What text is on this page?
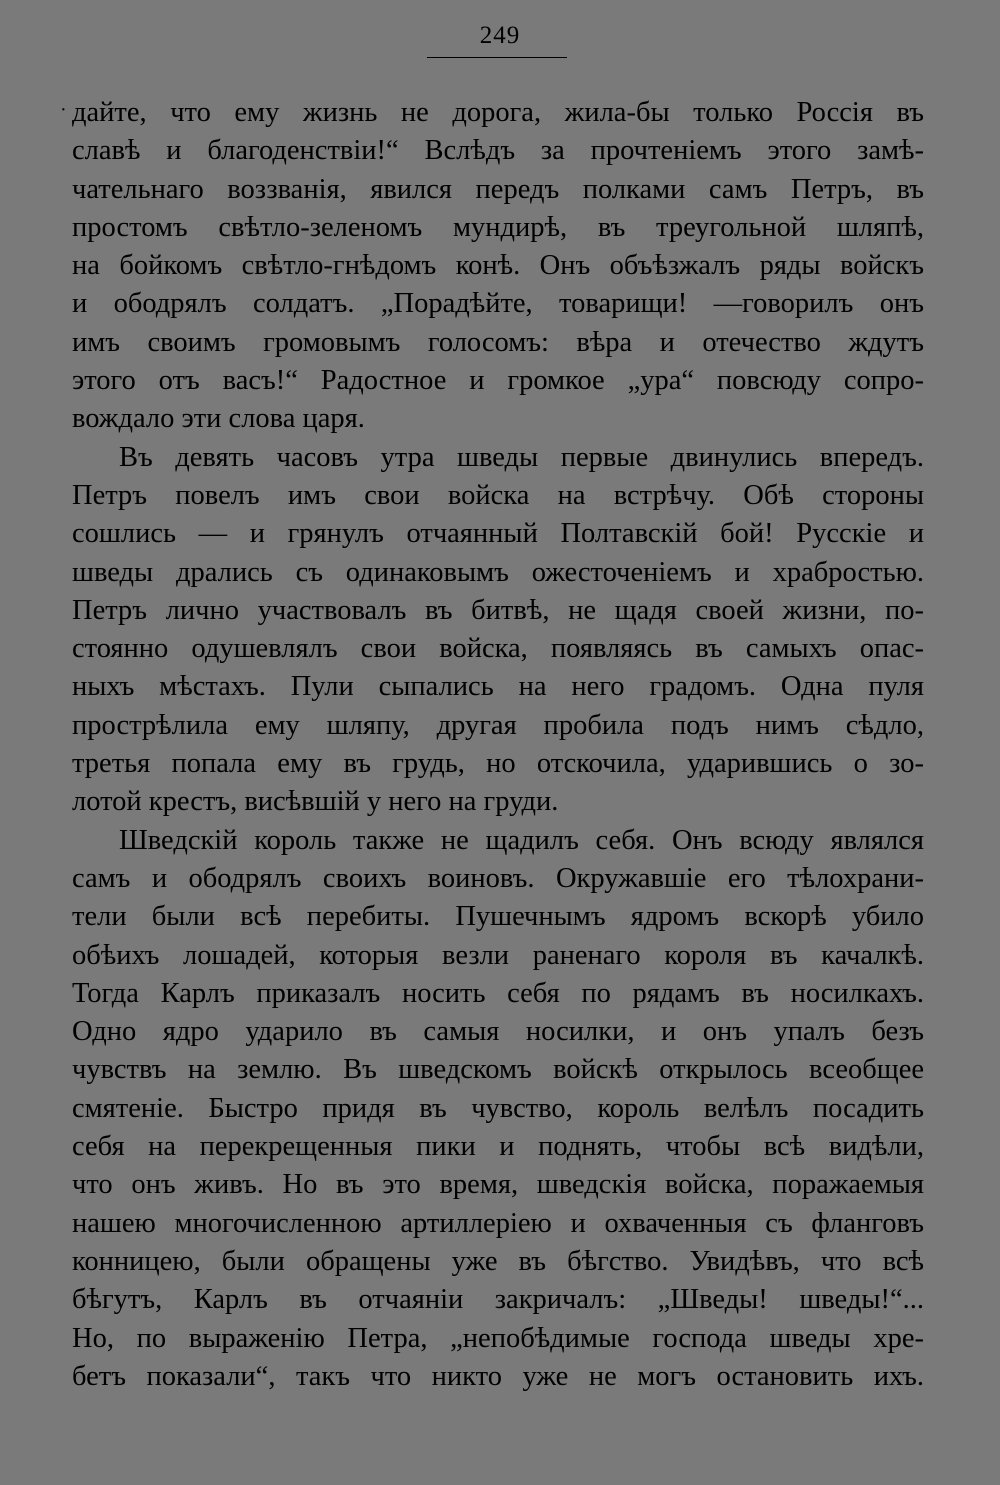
249
· дайте, что ему жизнь не дорога, жила-бы только Россія въ
славѣ и благоденствіи!“ Вслѣдъ за прочтеніемъ этого замѣ-
чательнаго воззванія, явился передъ полками самъ Петръ, въ
простомъ свѣтло-зеленомъ мундирѣ, въ треугольной шляпѣ,
на бойкомъ свѣтло-гнѣдомъ конѣ. Онъ объѣзжалъ ряды войскъ
и ободрялъ солдатъ. „Порадѣйте, товарищи! —говорилъ онъ
имъ своимъ громовымъ голосомъ: вѣра и отечество ждутъ
этого отъ васъ!“ Радостное и громкое „ура“ повсюду сопро-
вождало эти слова царя.
Въ девять часовъ утра шведы первые двинулись впередъ.
Петръ повелъ имъ свои войска на встрѣчу. Обѣ стороны
сошлись — и грянулъ отчаянный Полтавскій бой! Русскіе и
шведы дрались съ одинаковымъ ожесточеніемъ и храбростью.
Петръ лично участвовалъ въ битвѣ, не щадя своей жизни, по-
стоянно одушевлялъ свои войска, появляясь въ самыхъ опас-
ныхъ мѣстахъ. Пули сыпались на него градомъ. Одна пуля
прострѣлила ему шляпу, другая пробила подъ нимъ сѣдло,
третья попала ему въ грудь, но отскочила, ударившись о зо-
лотой крестъ, висѣвшій у него на груди.
Шведскій король также не щадилъ себя. Онъ всюду являлся
самъ и ободрялъ своихъ воиновъ. Окружавшіе его тѣлохрани-
тели были всѣ перебиты. Пушечнымъ ядромъ вскорѣ убило
обѣихъ лошадей, которыя везли раненаго короля въ качалкѣ.
Тогда Карлъ приказалъ носить себя по рядамъ въ носилкахъ.
Одно ядро ударило въ самыя носилки, и онъ упалъ безъ
чувствъ на землю. Въ шведскомъ войскѣ открылось всеобщее
смятеніе. Быстро придя въ чувство, король велѣлъ посадить
себя на перекрещенныя пики и поднять, чтобы всѣ видѣли,
что онъ живъ. Но въ это время, шведскія войска, поражаемыя
нашею многочисленною артиллеріею и охваченныя съ фланговъ
конницею, были обращены уже въ бѣгство. Увидѣвъ, что всѣ
бѣгутъ, Карлъ въ отчаяніи закричалъ: „Шведы! шведы!“...
Но, по выраженію Петра, „непобѣдимые господа шведы хре-
бетъ показали“, такъ что никто уже не могъ остановить ихъ.
